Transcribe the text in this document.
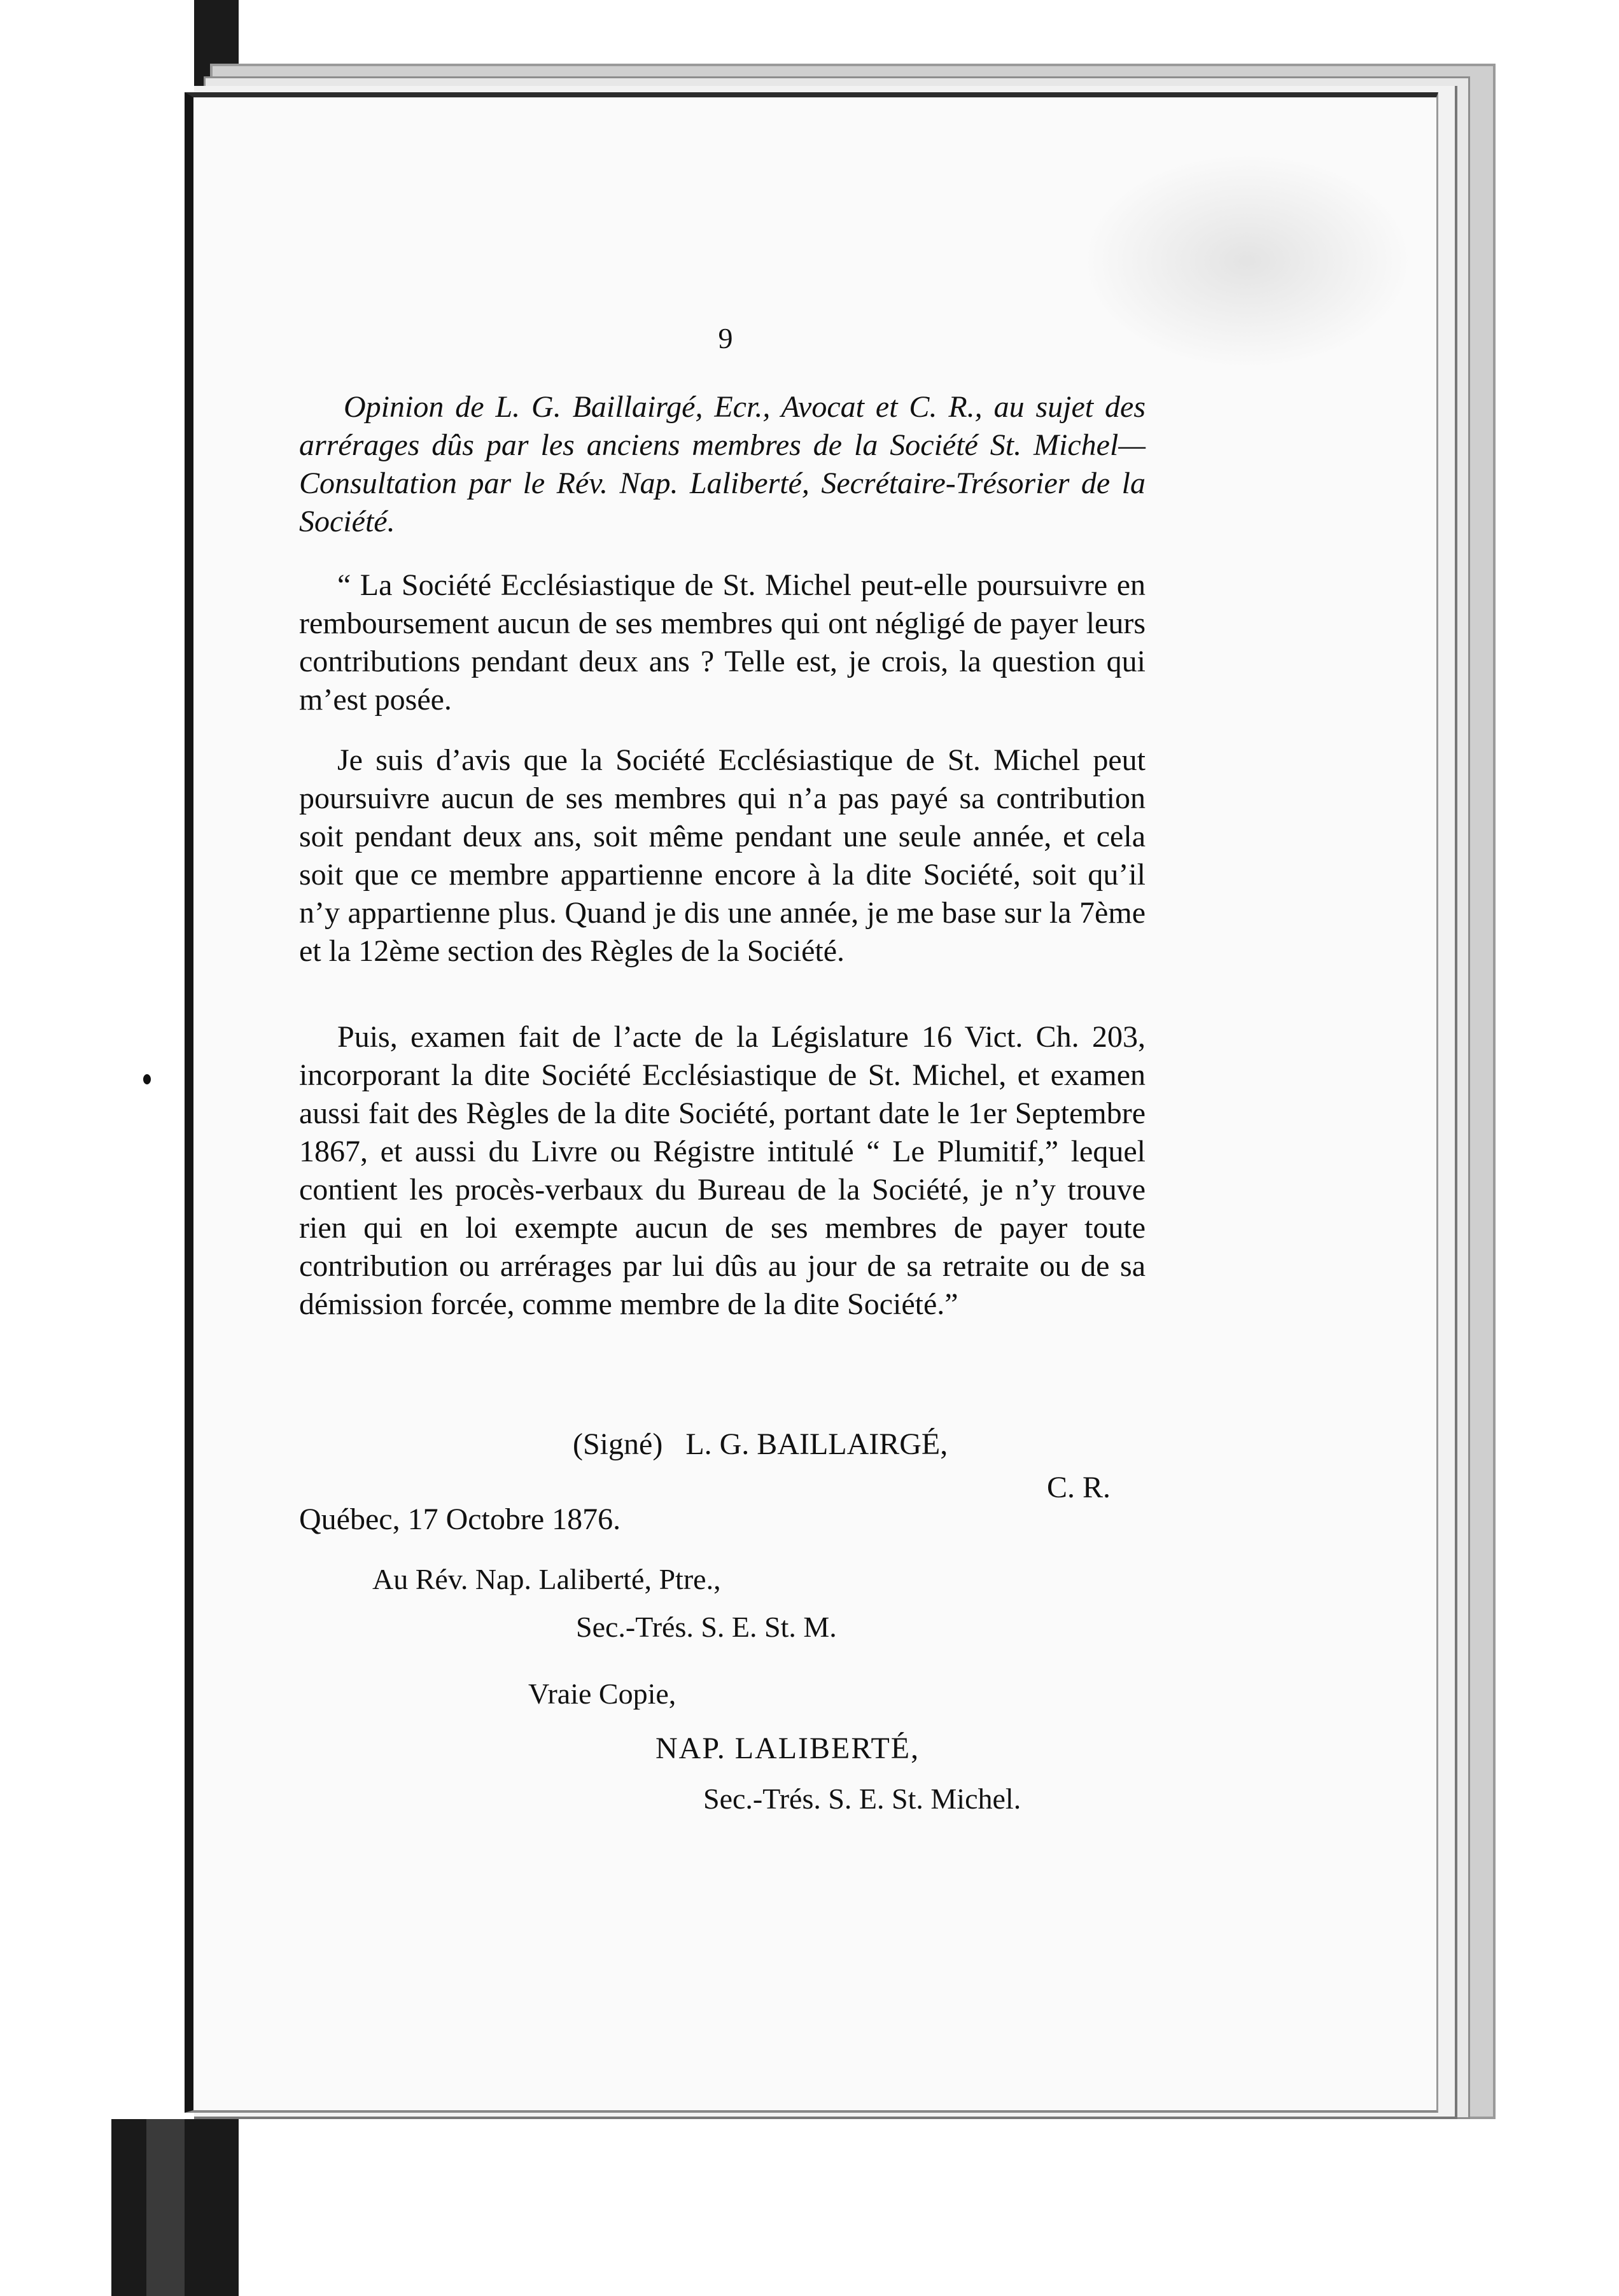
9
Opinion de L. G. Baillairgé, Ecr., Avocat et C. R., au sujet des arrérages dûs par les anciens membres de la Société St. Michel—Consultation par le Rév. Nap. Laliberté, Secrétaire-Trésorier de la Société.

“ La Société Ecclésiastique de St. Michel peut-elle poursuivre en remboursement aucun de ses membres qui ont négligé de payer leurs contributions pendant deux ans ? Telle est, je crois, la question qui m’est posée.

Je suis d’avis que la Société Ecclésiastique de St. Michel peut poursuivre aucun de ses membres qui n’a pas payé sa contribution soit pendant deux ans, soit même pendant une seule année, et cela soit que ce membre appartienne encore à la dite Société, soit qu’il n’y appartienne plus. Quand je dis une année, je me base sur la 7ème et la 12ème section des Règles de la Société.

Puis, examen fait de l’acte de la Législature 16 Vict. Ch. 203, incorporant la dite Société Ecclésiastique de St. Michel, et examen aussi fait des Règles de la dite Société, portant date le 1er Septembre 1867, et aussi du Livre ou Régistre intitulé “ Le Plumitif,” lequel contient les procès-verbaux du Bureau de la Société, je n’y trouve rien qui en loi exempte aucun de ses membres de payer toute contribution ou arrérages par lui dûs au jour de sa retraite ou de sa démission forcée, comme membre de la dite Société.”

(Signé) L. G. BAILLAIRGÉ,
C. R.
Québec, 17 Octobre 1876.
Au Rév. Nap. Laliberté, Ptre.,
Sec.-Trés. S. E. St. M.
Vraie Copie,
NAP. LALIBERTÉ,
Sec.-Trés. S. E. St. Michel.
